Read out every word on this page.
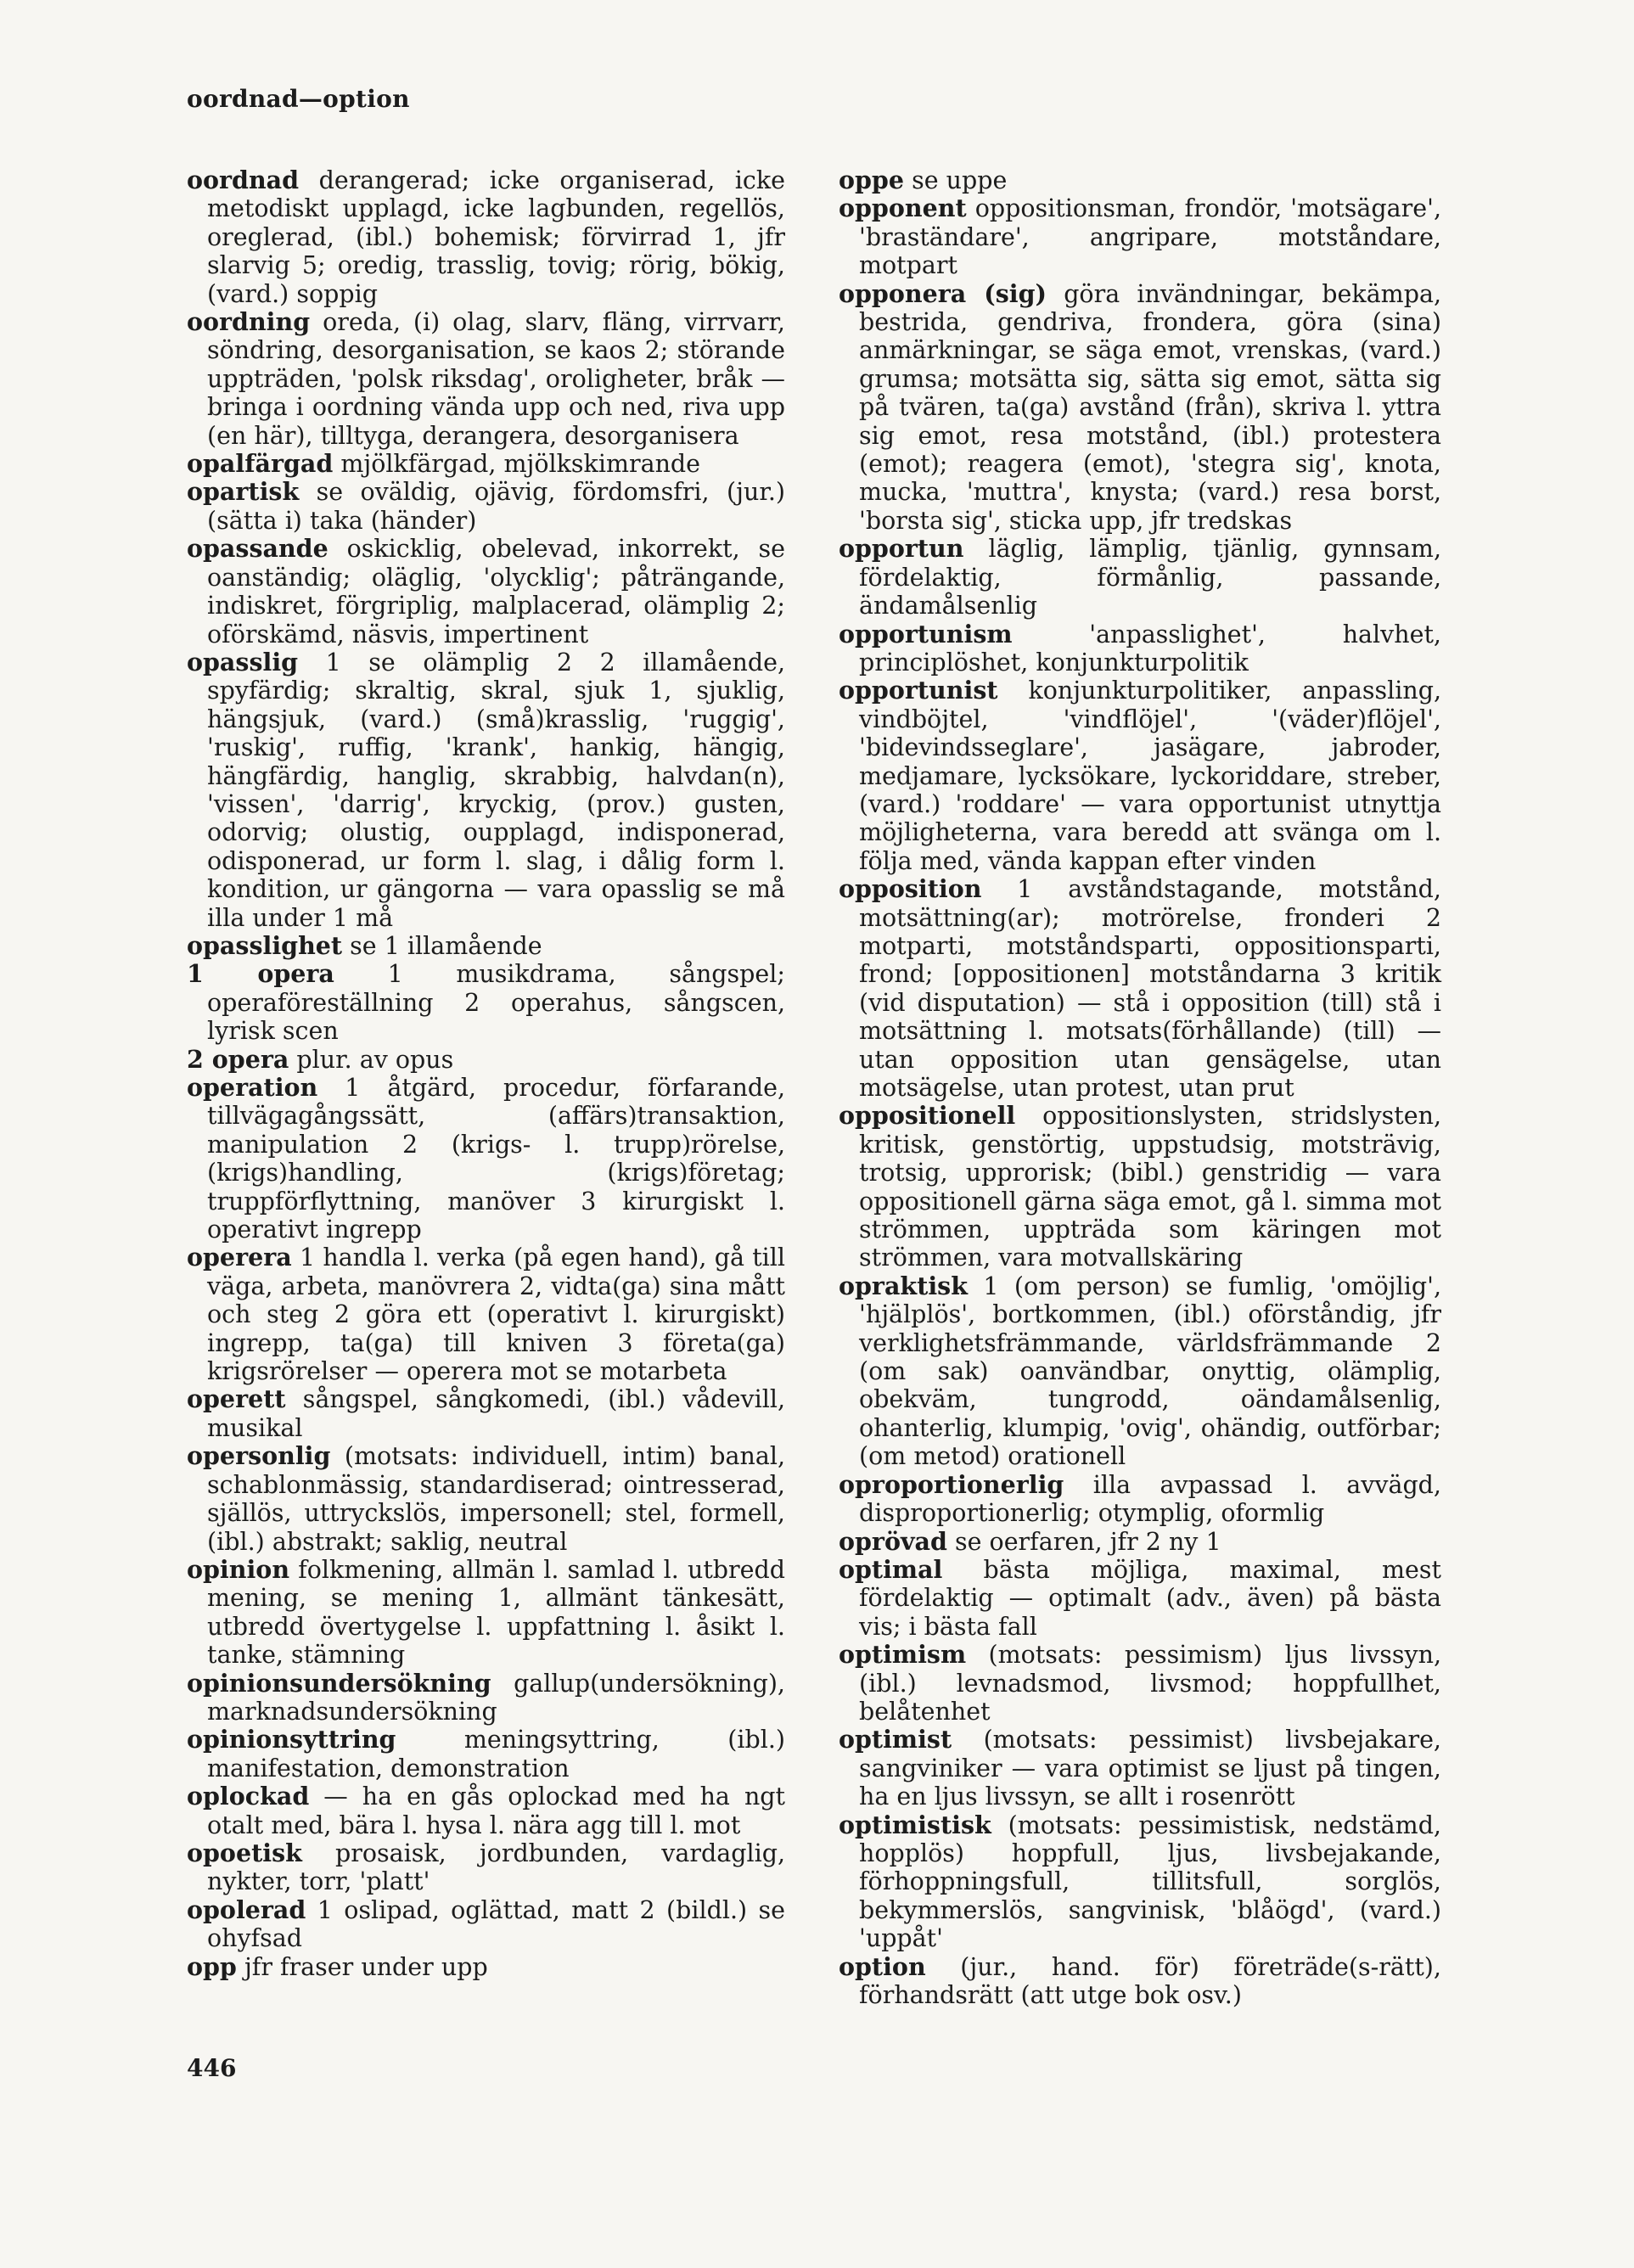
oordnad—option

oordnad derangerad; icke organiserad, icke metodiskt upplagd, icke lagbunden, regellös, oreglerad, (ibl.) bohemisk; förvirrad 1, jfr slarvig 5; oredig, trasslig, tovig; rörig, bökig, (vard.) soppig

oordning oreda, (i) olag, slarv, fläng, virrvarr, söndring, desorganisation, se kaos 2; störande uppträden, 'polsk riksdag', oroligheter, bråk — bringa i oordning vända upp och ned, riva upp (en här), tilltyga, derangera, desorganisera

opalfärgad mjölkfärgad, mjölkskimrande

opartisk se oväldig, ojävig, fördomsfri, (jur.) (sätta i) taka (händer)

opassande oskicklig, obelevad, inkorrekt, se oanständig; oläglig, 'olycklig'; påträngande, indiskret, förgriplig, malplacerad, olämplig 2; oförskämd, näsvis, impertinent

opasslig 1 se olämplig 2 2 illamående, spyfärdig; skraltig, skral, sjuk 1, sjuklig, hängsjuk, (vard.) (små)krasslig, 'ruggig', 'ruskig', ruffig, 'krank', hankig, hängig, hängfärdig, hanglig, skrabbig, halvdan(n), 'vissen', 'darrig', kryckig, (prov.) gusten, odorvig; olustig, oupplagd, indisponerad, odisponerad, ur form l. slag, i dålig form l. kondition, ur gängorna — vara opasslig se må illa under 1 må

opasslighet se 1 illamående

1 opera 1 musikdrama, sångspel; operaföreställning 2 operahus, sångscen, lyrisk scen

2 opera plur. av opus

operation 1 åtgärd, procedur, förfarande, tillvägagångssätt, (affärs)transaktion, manipulation 2 (krigs- l. trupp)rörelse, (krigs)handling, (krigs)företag; truppförflyttning, manöver 3 kirurgiskt l. operativt ingrepp

operera 1 handla l. verka (på egen hand), gå till väga, arbeta, manövrera 2, vidta(ga) sina mått och steg 2 göra ett (operativt l. kirurgiskt) ingrepp, ta(ga) till kniven 3 företa(ga) krigsrörelser — operera mot se motarbeta

operett sångspel, sångkomedi, (ibl.) vådevill, musikal

opersonlig (motsats: individuell, intim) banal, schablonmässig, standardiserad; ointresserad, själlös, uttryckslös, impersonell; stel, formell, (ibl.) abstrakt; saklig, neutral

opinion folkmening, allmän l. samlad l. utbredd mening, se mening 1, allmänt tänkesätt, utbredd övertygelse l. uppfattning l. åsikt l. tanke, stämning

opinionsundersökning gallup(undersökning), marknadsundersökning

opinionsyttring	meningsyttring, (ibl.) manifestation, demonstration

oplockad — ha en gås oplockad med ha ngt otalt med, bära l. hysa l. nära agg till l. mot

opoetisk prosaisk, jordbunden, vardaglig, nykter, torr, 'platt'

opolerad 1 oslipad, oglättad, matt 2 (bildl.) se ohyfsad

opp jfr fraser under upp

oppe se uppe

opponent oppositionsman, frondör, 'motsägare', 'braständare', angripare, motståndare, motpart

opponera (sig) göra invändningar, bekämpa, bestrida, gendriva, frondera, göra (sina) anmärkningar, se säga emot, vrenskas, (vard.) grumsa; motsätta sig, sätta sig emot, sätta sig på tvären, ta(ga) avstånd (från), skriva l. yttra sig emot, resa motstånd, (ibl.) protestera (emot); reagera (emot), 'stegra sig', knota, mucka, 'muttra', knysta; (vard.) resa borst, 'borsta sig', sticka upp, jfr tredskas

opportun läglig, lämplig, tjänlig, gynnsam, fördelaktig, förmånlig, passande, ändamålsenlig

opportunism	'anpasslighet', halvhet, principlöshet, konjunkturpolitik

opportunist konjunkturpolitiker, anpassling, vindböjtel, 'vindflöjel', '(väder)flöjel', 'bidevindsseglare', jasägare, jabroder, medjamare, lycksökare, lyckoriddare, streber, (vard.) 'roddare' — vara opportunist utnyttja möjligheterna, vara beredd att svänga om l. följa med, vända kappan efter vinden

opposition 1 avståndstagande, motstånd, motsättning(ar); motrörelse, fronderi 2 motparti, motståndsparti, oppositionsparti, frond; [oppositionen] motståndarna 3 kritik (vid disputation) — stå i opposition (till) stå i motsättning l. motsats(förhållande) (till) — utan opposition utan gensägelse, utan motsägelse, utan protest, utan prut

oppositionell oppositionslysten, stridslysten, kritisk, genstörtig, uppstudsig, motsträvig, trotsig, upprorisk; (bibl.) genstridig — vara oppositionell gärna säga emot, gå l. simma mot strömmen, uppträda som käringen mot strömmen, vara motvallskäring

opraktisk 1 (om person) se fumlig, 'omöjlig', 'hjälplös', bortkommen, (ibl.) oförståndig, jfr verklighetsfrämmande, världsfrämmande 2 (om sak) oanvändbar, onyttig, olämplig, obekväm, tungrodd, oändamålsenlig, ohanterlig, klumpig, 'ovig', ohändig, outförbar; (om metod) orationell

oproportionerlig illa avpassad l. avvägd, disproportionerlig; otymplig, oformlig

oprövad se oerfaren, jfr 2 ny 1

optimal bästa möjliga, maximal, mest fördelaktig — optimalt (adv., även) på bästa vis; i bästa fall

optimism (motsats: pessimism) ljus livssyn, (ibl.) levnadsmod, livsmod; hoppfullhet, belåtenhet

optimist (motsats: pessimist) livsbejakare, sangviniker — vara optimist se ljust på tingen, ha en ljus livssyn, se allt i rosenrött

optimistisk (motsats: pessimistisk, nedstämd, hopplös) hoppfull, ljus, livsbejakande, förhoppningsfull, tillitsfull, sorglös, bekymmerslös, sangvinisk, 'blåögd', (vard.) 'uppåt'

option (jur., hand. för) företräde(s-rätt), förhandsrätt (att utge bok osv.)

446
